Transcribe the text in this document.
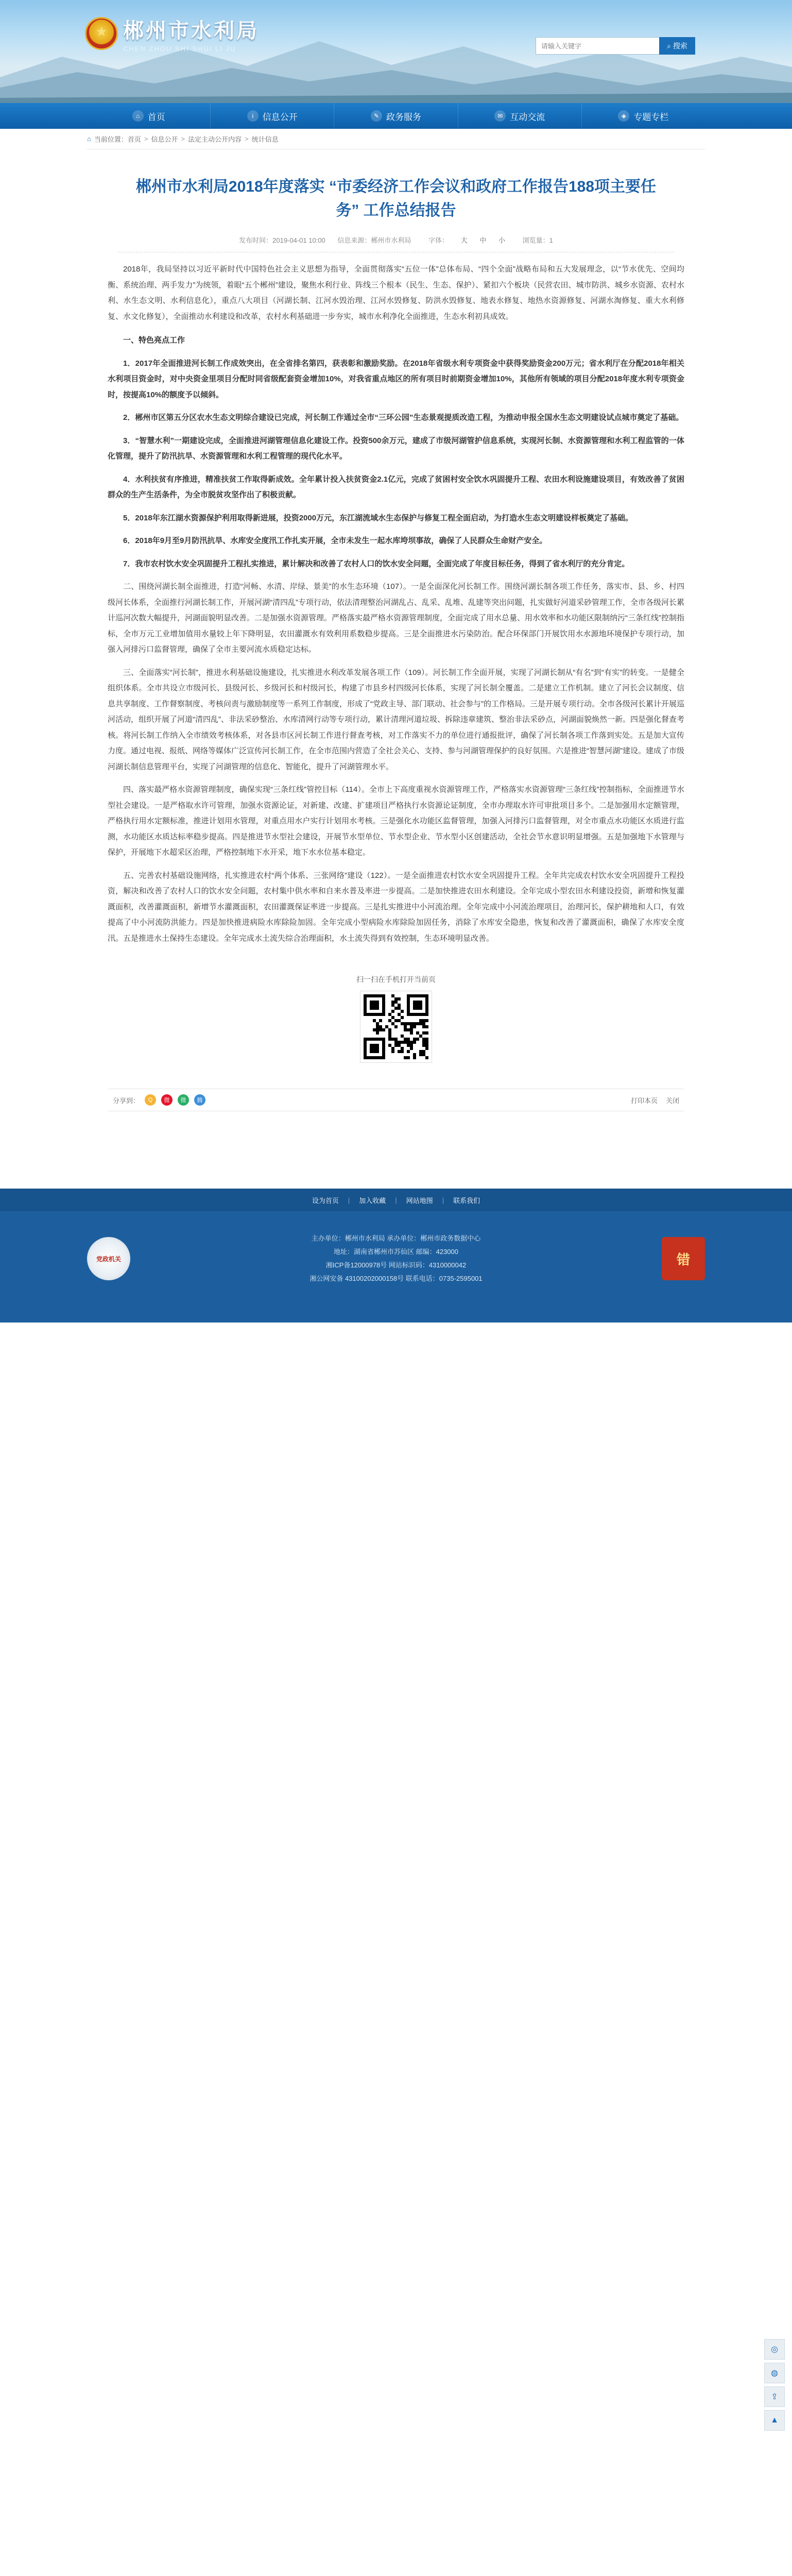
★
郴州市水利局
CHEN ZHOU SHI SHUI LI JU
请输入关键字	⌕ 搜索
⌂ 首页	i	信息公开	✎ 政务服务	✉ 互动交流	◈ 专题专栏
⌂ 当前位置： 首页 > 信息公开 > 法定主动公开内容 > 统计信息
郴州市水利局2018年度落实 “市委经济工作会议和政府工作报告188项主要任务” 工作总结报告
发布时间：2019-04-01 10:00 信息来源：郴州市水利局	字体： 大 中 小	浏览量：1

2018年，我局坚持以习近平新时代中国特色社会主义思想为指导，全面贯彻落实“五位一体”总体布局、“四个全面”战略布局和五大发展理念，以“节水优先、空间均衡、系统治理、两手发力”为统领，着眼“五个郴州”建设，聚焦水利行业、阵线三个根本（民生、生态、保护）、紧扣六个板块（民营农田、城市防洪、城乡水资源、农村水利、水生态文明、水利信息化），重点八大项目（河湖长制、江河水毁治理、江河水毁修复、防洪水毁修复、地表水修复、地热水资源修复、河湖水淘修复、重大水利修复、水文化修复），全面推动水利建设和改革，农村水利基础进一步夯实，城市水利净化全面推进，生态水利初具成效。

一、特色亮点工作

1．2017年全面推进河长制工作成效突出，在全省排名第四，获表彰和激励奖励。在2018年省级水利专项资金中获得奖励资金200万元；省水利厅在分配2018年相关水利项目资金时，对中央资金里项目分配时同省级配套资金增加10%，对我省重点地区的所有项目时前期资金增加10%，其他所有领域的项目分配2018年度水利专项资金时，按提高10%的额度予以倾斜。

2．郴州市区第五分区农水生态文明综合建设已完成，河长制工作通过全市“三环公园”生态景观提质改造工程，为推动申报全国水生态文明建设试点城市奠定了基础。

3．“智慧水利”一期建设完成，全面推进河湖管理信息化建设工作。投资500余万元，建成了市级河湖管护信息系统，实现河长制、水资源管理和水利工程监管的一体化管理，提升了防汛抗旱、水资源管理和水利工程管理的现代化水平。

4．水利扶贫有序推进，精准扶贫工作取得新成效。全年累计投入扶贫资金2.1亿元，完成了贫困村安全饮水巩固提升工程、农田水利设施建设项目，有效改善了贫困群众的生产生活条件，为全市脱贫攻坚作出了积极贡献。

5．2018年东江湖水资源保护利用取得新进展，投资2000万元，东江湖流域水生态保护与修复工程全面启动，为打造水生态文明建设样板奠定了基础。

6．2018年9月至9月防汛抗旱、水库安全度汛工作扎实开展，全市未发生一起水库垮坝事故，确保了人民群众生命财产安全。

7．我市农村饮水安全巩固提升工程扎实推进，累计解决和改善了农村人口的饮水安全问题，全面完成了年度目标任务，得到了省水利厅的充分肯定。

二、围绕河湖长制全面推进，打造“河畅、水清、岸绿、景美”的水生态环境（107）。一是全面深化河长制工作。围绕河湖长制各项工作任务，落实市、县、乡、村四级河长体系，全面推行河湖长制工作，开展河湖“清四乱”专项行动，依法清理整治河湖乱占、乱采、乱堆、乱建等突出问题，扎实做好河道采砂管理工作，全市各级河长累计巡河次数大幅提升，河湖面貌明显改善。二是加强水资源管理。严格落实最严格水资源管理制度，全面完成了用水总量、用水效率和水功能区限制纳污“三条红线”控制指标，全市万元工业增加值用水量较上年下降明显，农田灌溉水有效利用系数稳步提高。三是全面推进水污染防治。配合环保部门开展饮用水水源地环境保护专项行动，加强入河排污口监督管理，确保了全市主要河流水质稳定达标。

三、全面落实“河长制”，推进水利基础设施建设，扎实推进水利改革发展各项工作（109）。河长制工作全面开展，实现了河湖长制从“有名”到“有实”的转变。一是健全组织体系。全市共设立市级河长、县级河长、乡级河长和村级河长，构建了市县乡村四级河长体系，实现了河长制全覆盖。二是建立工作机制。建立了河长会议制度、信息共享制度、工作督察制度、考核问责与激励制度等一系列工作制度，形成了“党政主导、部门联动、社会参与”的工作格局。三是开展专项行动。全市各级河长累计开展巡河活动，组织开展了河道“清四乱”、非法采砂整治、水库清网行动等专项行动，累计清理河道垃圾、拆除违章建筑、整治非法采砂点，河湖面貌焕然一新。四是强化督查考核。将河长制工作纳入全市绩效考核体系，对各县市区河长制工作进行督查考核，对工作落实不力的单位进行通报批评，确保了河长制各项工作落到实处。五是加大宣传力度。通过电视、报纸、网络等媒体广泛宣传河长制工作，在全市范围内营造了全社会关心、支持、参与河湖管理保护的良好氛围。六是推进“智慧河湖”建设。建成了市级河湖长制信息管理平台，实现了河湖管理的信息化、智能化，提升了河湖管理水平。

四、落实最严格水资源管理制度，确保实现“三条红线”管控目标（114）。全市上下高度重视水资源管理工作，严格落实水资源管理“三条红线”控制指标，全面推进节水型社会建设。一是严格取水许可管理，加强水资源论证，对新建、改建、扩建项目严格执行水资源论证制度，全市办理取水许可审批项目多个。二是加强用水定额管理，严格执行用水定额标准，推进计划用水管理，对重点用水户实行计划用水考核。三是强化水功能区监督管理，加强入河排污口监督管理，对全市重点水功能区水质进行监测，水功能区水质达标率稳步提高。四是推进节水型社会建设，开展节水型单位、节水型企业、节水型小区创建活动，全社会节水意识明显增强。五是加强地下水管理与保护，开展地下水超采区治理，严格控制地下水开采，地下水水位基本稳定。

五、完善农村基础设施网络，扎实推进农村“两个体系、三张网络”建设（122）。一是全面推进农村饮水安全巩固提升工程。全年共完成农村饮水安全巩固提升工程投资，解决和改善了农村人口的饮水安全问题，农村集中供水率和自来水普及率进一步提高。二是加快推进农田水利建设。全年完成小型农田水利建设投资，新增和恢复灌溉面积，改善灌溉面积，新增节水灌溉面积，农田灌溉保证率进一步提高。三是扎实推进中小河流治理。全年完成中小河流治理项目，治理河长，保护耕地和人口，有效提高了中小河流防洪能力。四是加快推进病险水库除险加固。全年完成小型病险水库除险加固任务，消除了水库安全隐患，恢复和改善了灌溉面积，确保了水库安全度汛。五是推进水土保持生态建设。全年完成水土流失综合治理面积，水土流失得到有效控制，生态环境明显改善。

扫一扫在手机打开当前页
分享到：	Q	微	微	腾	打印本页 关闭
设为首页 | 加入收藏 | 网站地图 | 联系我们
党政机关
主办单位：郴州市水利局 承办单位：郴州市政务数据中心
地址：湖南省郴州市苏仙区 邮编：423000
湘ICP备12000978号 网站标识码：4310000042
湘公网安备 43100202000158号 联系电话：0735-2595001
错
◎
◍
⇪
▲
